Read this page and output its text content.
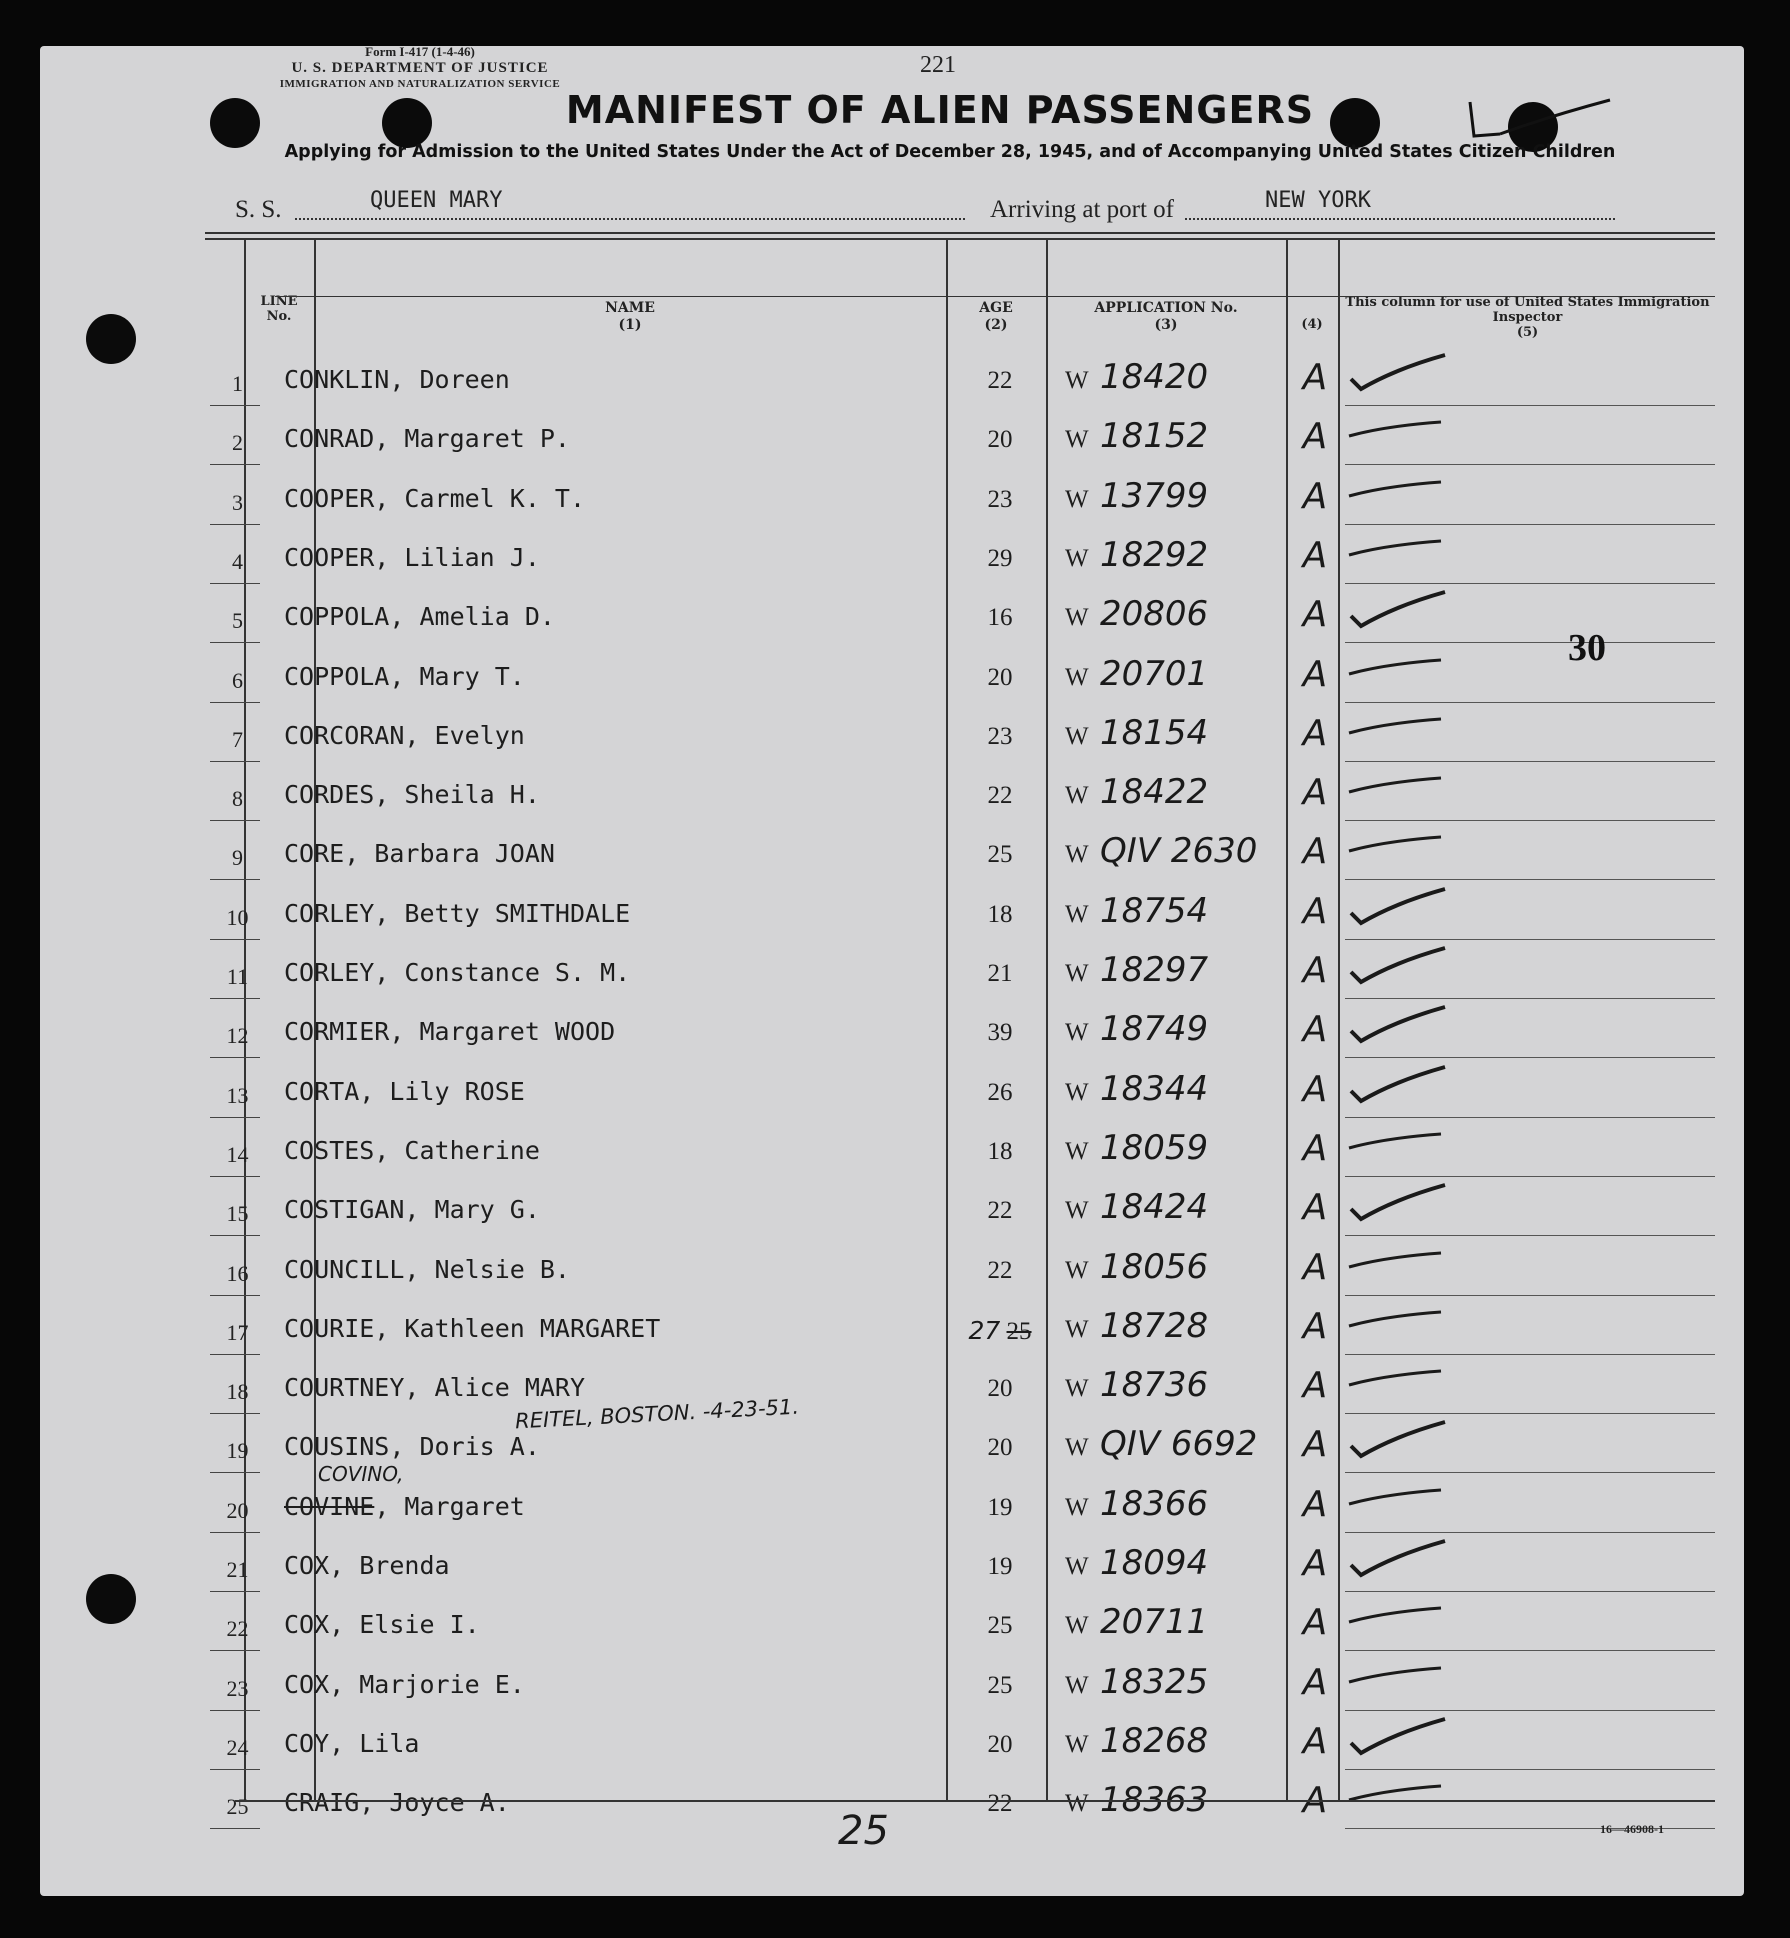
Form I-417 (1-4-46)
U. S. DEPARTMENT OF JUSTICE
IMMIGRATION AND NATURALIZATION SERVICE
221
MANIFEST OF ALIEN PASSENGERS
Applying for Admission to the United States Under the Act of December 28, 1945, and of Accompanying United States Citizen Children
S. S.	QUEEN MARY	Arriving at port of	NEW YORK
LINE No.
NAME
(1)
AGE
(2)
APPLICATION No.
(3)	(4)
This column for use of United States Immigration Inspector
(5)
1	CONKLIN, Doreen	22	W 18420	A
2	CONRAD, Margaret P.	20	W 18152	A
3	COOPER, Carmel K. T.	23	W 13799	A
4	COOPER, Lilian J.	29	W 18292	A
5	COPPOLA, Amelia D.	16	W 20806	A
6	COPPOLA, Mary T.	20	W 20701	A
7	CORCORAN, Evelyn	23	W 18154	A
8	CORDES, Sheila H.	22	W 18422	A
9	CORE, Barbara JOAN	25	W QIV 2630	A
10	CORLEY, Betty SMITHDALE	18	W 18754	A
11	CORLEY, Constance S. M.	21	W 18297	A
12	CORMIER, Margaret WOOD	39	W 18749	A
13	CORTA, Lily ROSE	26	W 18344	A
14	COSTES, Catherine	18	W 18059	A
15	COSTIGAN, Mary G.	22	W 18424	A
16	COUNCILL, Nelsie B.	22	W 18056	A
17	COURIE, Kathleen MARGARET	27 25	W 18728	A
18	COURTNEY, Alice MARY	20	W 18736	A
19	COUSINS, Doris A.	20	W QIV 6692	A
20	COVINE, Margaret	19	W 18366	A
21	COX, Brenda	19	W 18094	A
22	COX, Elsie I.	25	W 20711	A
23	COX, Marjorie E.	25	W 18325	A
24	COY, Lila	20	W 18268	A
25	CRAIG, Joyce A.	22	W 18363	A
COVINO,
REITEL, BOSTON. -4-23-51.
30
25	16—46908-1
